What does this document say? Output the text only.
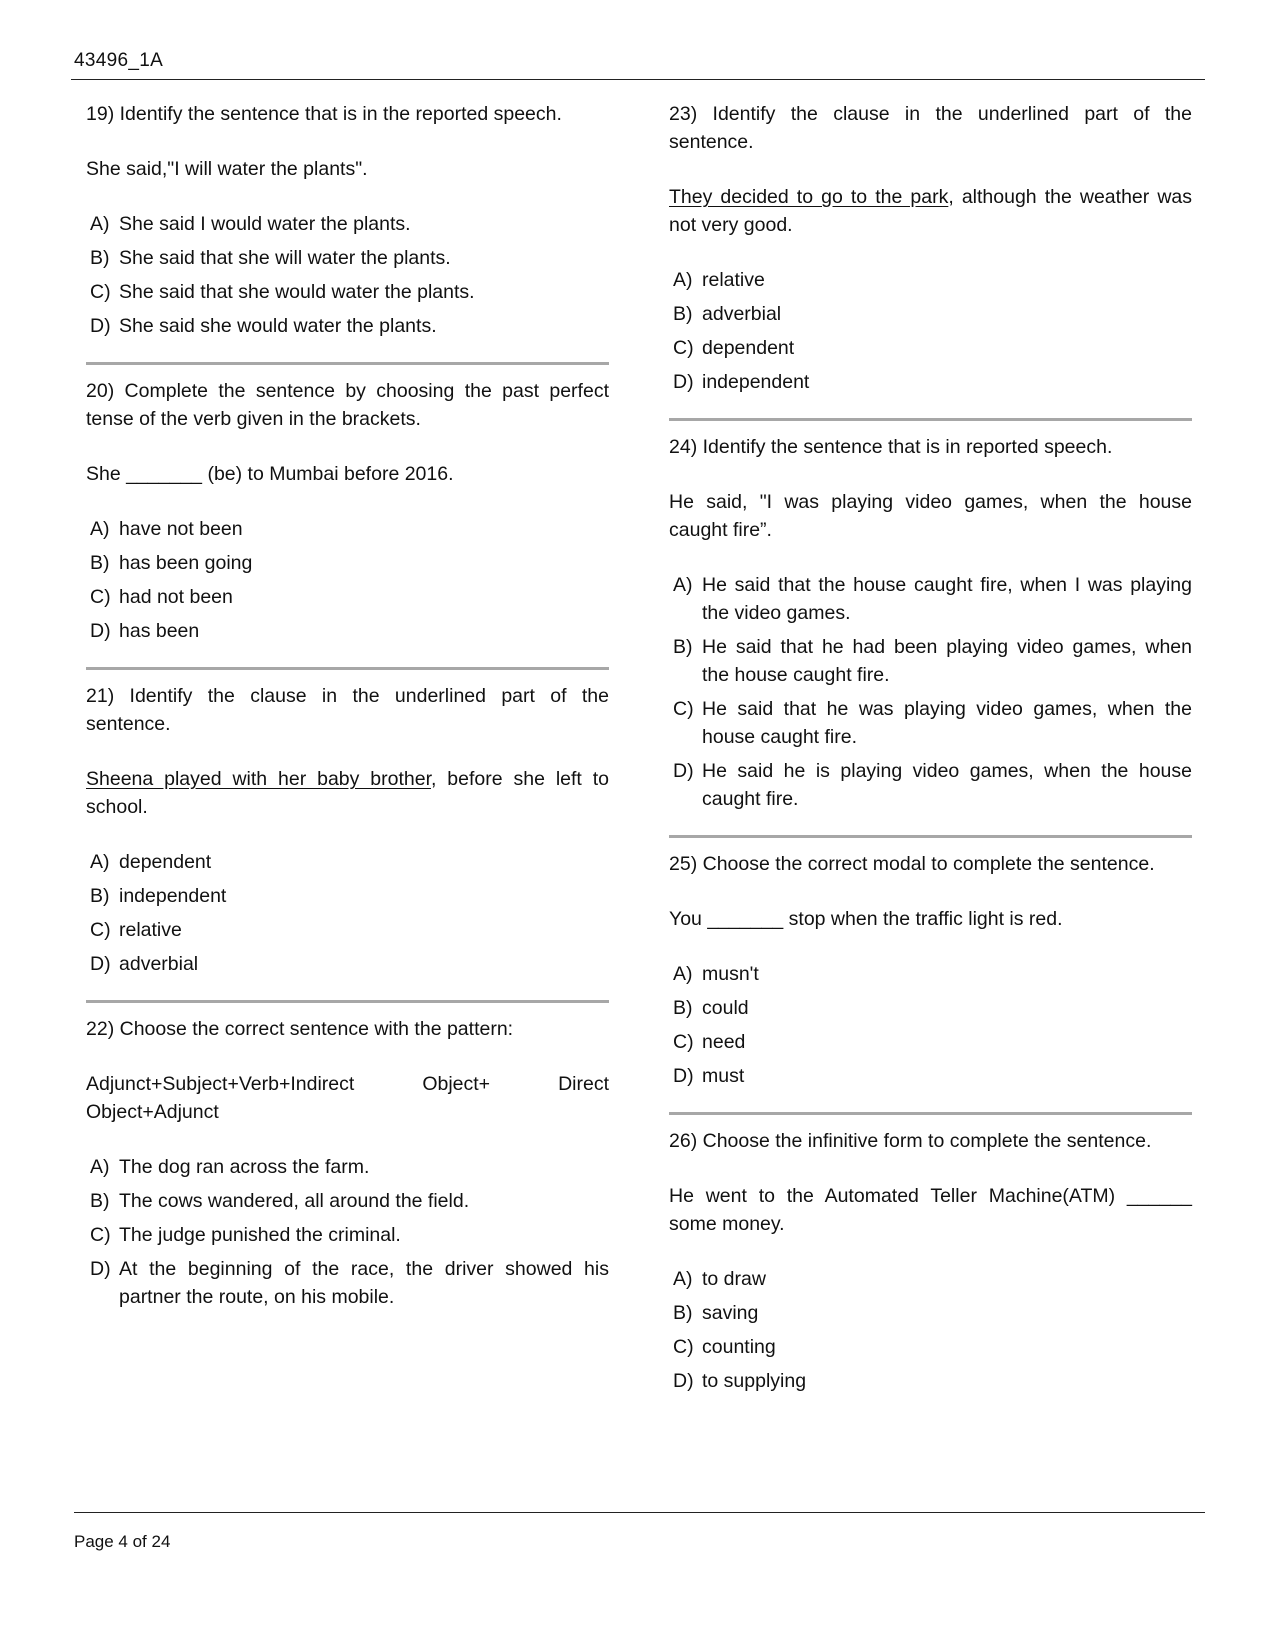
43496_1A
19) Identify the sentence that is in the reported speech.
She said,"I will water the plants".
A) She said I would water the plants.
B) She said that she will water the plants.
C) She said that she would water the plants.
D) She said she would water the plants.
20) Complete the sentence by choosing the past perfect tense of the verb given in the brackets.
She _______ (be) to Mumbai before 2016.
A) have not been
B) has been going
C) had not been
D) has been
21) Identify the clause in the underlined part of the sentence.
Sheena played with her baby brother, before she left to school.
A) dependent
B) independent
C) relative
D) adverbial
22) Choose the correct sentence with the pattern:
Adjunct+Subject+Verb+Indirect Object+ Direct Object+Adjunct
A) The dog ran across the farm.
B) The cows wandered, all around the field.
C) The judge punished the criminal.
D) At the beginning of the race, the driver showed his partner the route, on his mobile.
23) Identify the clause in the underlined part of the sentence.
They decided to go to the park, although the weather was not very good.
A) relative
B) adverbial
C) dependent
D) independent
24) Identify the sentence that is in reported speech.
He said, "I was playing video games, when the house caught fire”.
A) He said that the house caught fire, when I was playing the video games.
B) He said that he had been playing video games, when the house caught fire.
C) He said that he was playing video games, when the house caught fire.
D) He said he is playing video games, when the house caught fire.
25) Choose the correct modal to complete the sentence.
You _______ stop when the traffic light is red.
A) musn't
B) could
C) need
D) must
26) Choose the infinitive form to complete the sentence.
He went to the Automated Teller Machine(ATM) ______ some money.
A) to draw
B) saving
C) counting
D) to supplying
Page 4 of 24
